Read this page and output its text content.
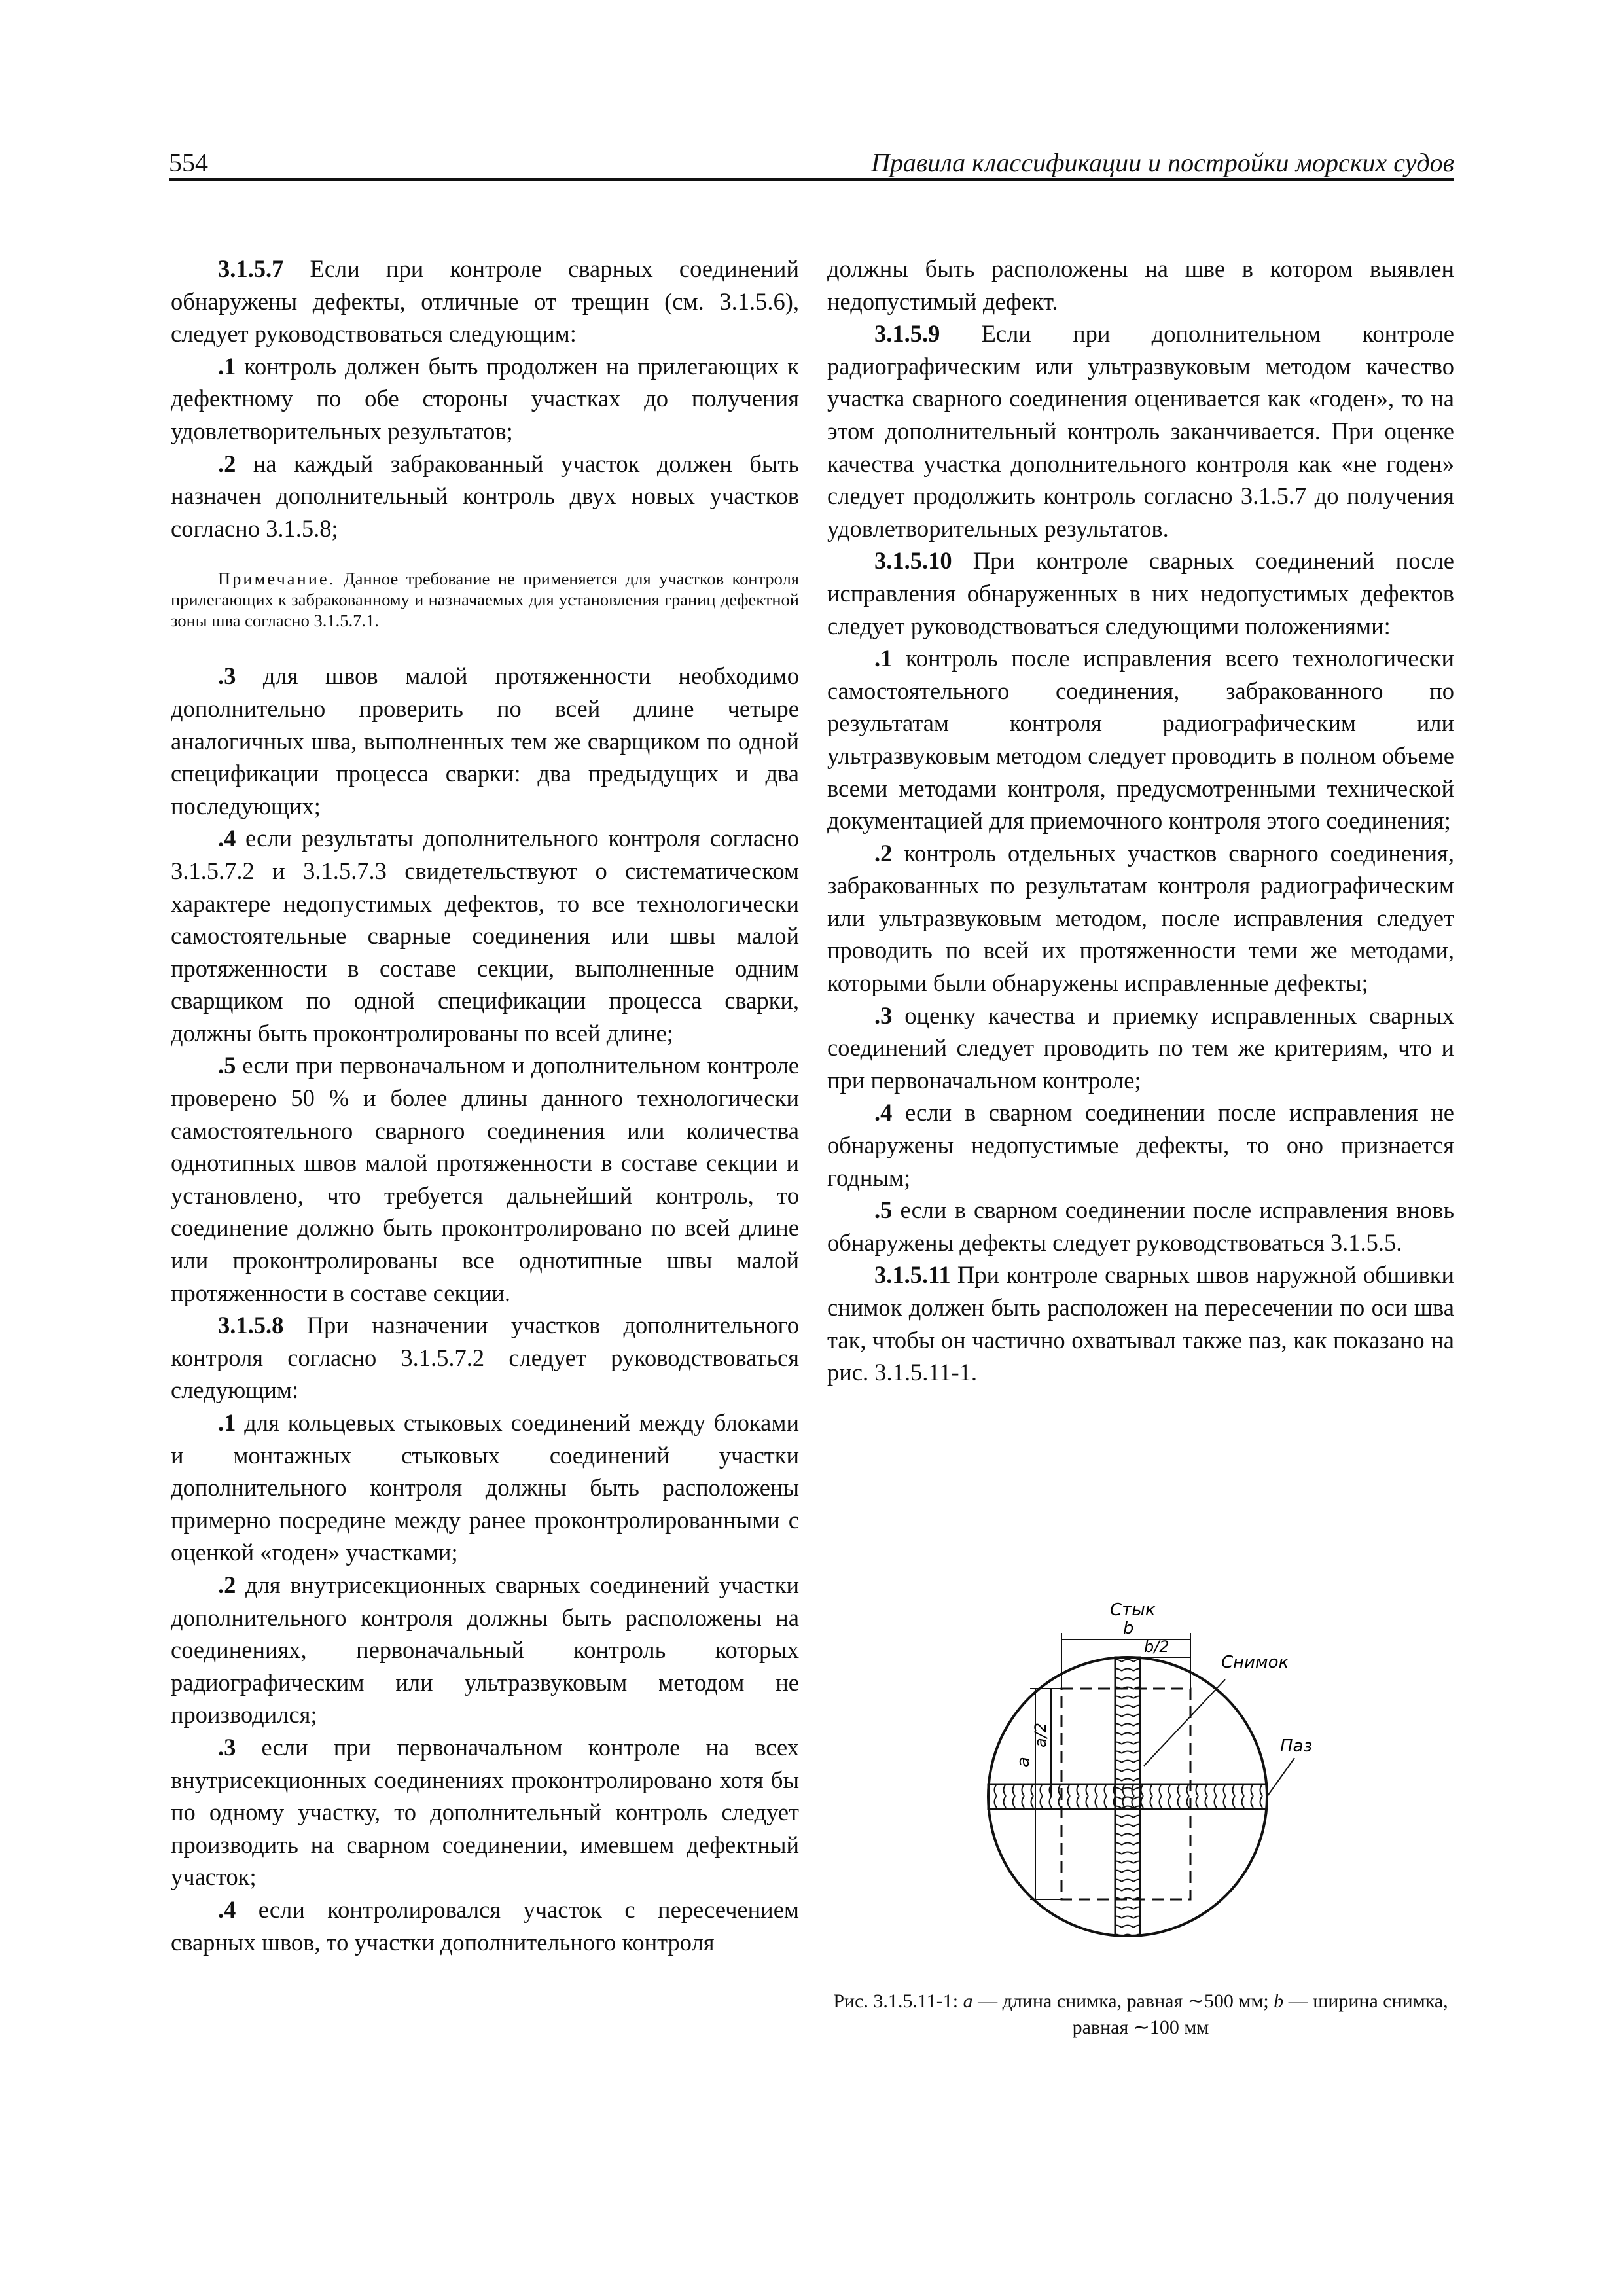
554	Правила классификации и постройки морских судов

3.1.5.7 Если при контроле сварных соединений обнаружены дефекты, отличные от трещин (см. 3.1.5.6), следует руководствоваться следующим:

.1 контроль должен быть продолжен на прилегающих к дефектному по обе стороны участках до получения удовлетворительных результатов;

.2 на каждый забракованный участок должен быть назначен дополнительный контроль двух новых участков согласно 3.1.5.8;

Примечание. Данное требование не применяется для участков контроля прилегающих к забракованному и назначаемых для установления границ дефектной зоны шва согласно 3.1.5.7.1.

.3 для швов малой протяженности необходимо дополнительно проверить по всей длине четыре аналогичных шва, выполненных тем же сварщиком по одной спецификации процесса сварки: два предыдущих и два последующих;

.4 если результаты дополнительного контроля согласно 3.1.5.7.2 и 3.1.5.7.3 свидетельствуют о систематическом характере недопустимых дефектов, то все технологически самостоятельные сварные соединения или швы малой протяженности в составе секции, выполненные одним сварщиком по одной спецификации процесса сварки, должны быть проконтролированы по всей длине;

.5 если при первоначальном и дополнительном контроле проверено 50 % и более длины данного технологически самостоятельного сварного соединения или количества однотипных швов малой протяженности в составе секции и установлено, что требуется дальнейший контроль, то соединение должно быть проконтролировано по всей длине или проконтролированы все однотипные швы малой протяженности в составе секции.

3.1.5.8 При назначении участков дополнительного контроля согласно 3.1.5.7.2 следует руководствоваться следующим:

.1 для кольцевых стыковых соединений между блоками и монтажных стыковых соединений участки дополнительного контроля должны быть расположены примерно посредине между ранее проконтролированными с оценкой «годен» участками;

.2 для внутрисекционных сварных соединений участки дополнительного контроля должны быть расположены на соединениях, первоначальный контроль которых радиографическим или ультразвуковым методом не производился;

.3 если при первоначальном контроле на всех внутрисекционных соединениях проконтролировано хотя бы по одному участку, то дополнительный контроль следует производить на сварном соединении, имевшем дефектный участок;

.4 если контролировался участок с пересечением сварных швов, то участки дополнительного контроля

должны быть расположены на шве в котором выявлен недопустимый дефект.

3.1.5.9 Если при дополнительном контроле радиографическим или ультразвуковым методом качество участка сварного соединения оценивается как «годен», то на этом дополнительный контроль заканчивается. При оценке качества участка дополнительного контроля как «не годен» следует продолжить контроль согласно 3.1.5.7 до получения удовлетворительных результатов.

3.1.5.10 При контроле сварных соединений после исправления обнаруженных в них недопустимых дефектов следует руководствоваться следующими положениями:

.1 контроль после исправления всего технологически самостоятельного соединения, забракованного по результатам контроля радиографическим или ультразвуковым методом следует проводить в полном объеме всеми методами контроля, предусмотренными технической документацией для приемочного контроля этого соединения;

.2 контроль отдельных участков сварного соединения, забракованных по результатам контроля радиографическим или ультразвуковым методом, после исправления следует проводить по всей их протяженности теми же методами, которыми были обнаружены исправленные дефекты;

.3 оценку качества и приемку исправленных сварных соединений следует проводить по тем же критериям, что и при первоначальном контроле;

.4 если в сварном соединении после исправления не обнаружены недопустимые дефекты, то оно признается годным;

.5 если в сварном соединении после исправления вновь обнаружены дефекты следует руководствоваться 3.1.5.5.

3.1.5.11 При контроле сварных швов наружной обшивки снимок должен быть расположен на пересечении по оси шва так, чтобы он частично охватывал также паз, как показано на рис. 3.1.5.11-1.

Стык
b
b/2
Снимок
Паз
a
a/2
Рис. 3.1.5.11-1: a — длина снимка, равная ∼500 мм; b — ширина снимка, равная ∼100 мм
